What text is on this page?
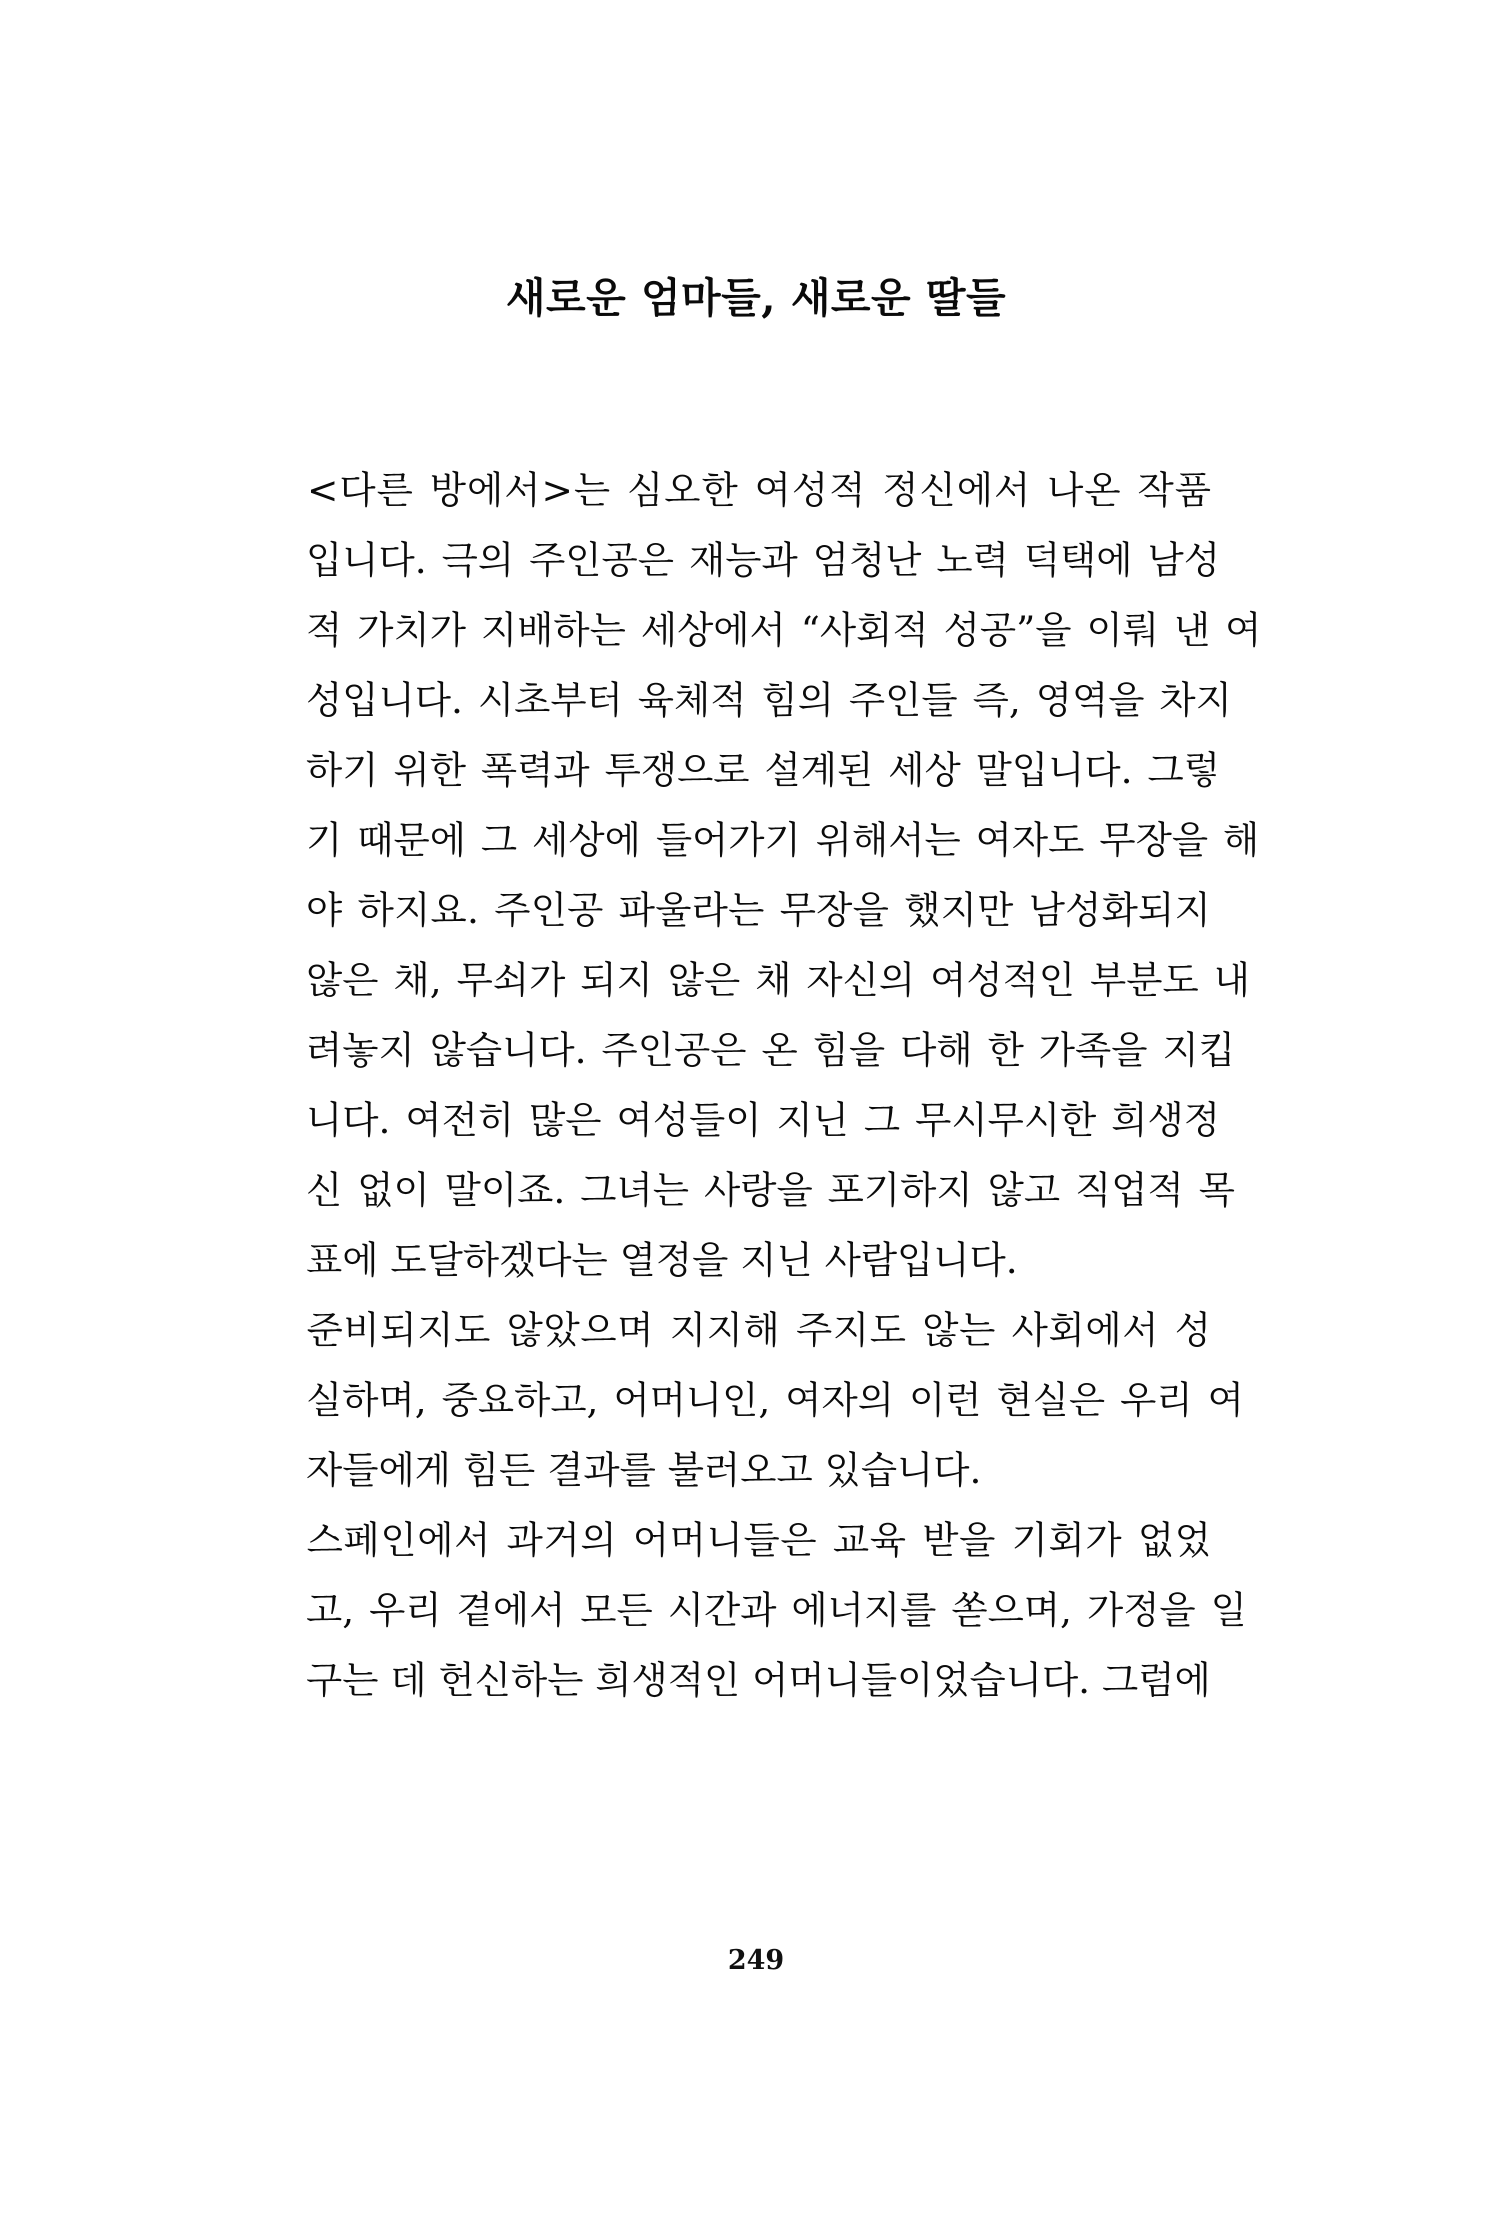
새로운 엄마들, 새로운 딸들
< 다 른
   방 에 서 > 는
   심 오 한
   여 성 적
   정 신 에 서
   나 온
   작 품
입 니 다 .
   극 의
   주 인 공 은
   재 능 과
   엄 청 난
   노 력
   덕 택 에
   남 성
적
   가 치 가
   지 배 하 는
   세 상 에 서
   “ 사 회 적
   성 공 ” 을
   이 뤄
   낸
   여
성 입 니 다 .
   시 초 부 터
   육 체 적
   힘 의
   주 인 들
   즉 ,
   영 역 을
   차 지
하 기
   위 한
   폭 력 과
   투 쟁 으 로
   설 계 된
   세 상
   말 입 니 다 .
   그 렇
기
   때 문 에
   그
   세 상 에
   들 어 가 기
   위 해 서 는
   여 자 도
   무 장 을
   해
야
   하 지 요 .
   주 인 공
   파 울 라 는
   무 장 을
   했 지 만
   남 성 화 되 지
않 은
   채 ,
   무 쇠 가
   되 지
   않 은
   채
   자 신 의
   여 성 적 인
   부 분 도
   내
려 놓 지
   않 습 니 다 .
   주 인 공 은
   온
   힘 을
   다 해
   한
   가 족 을
   지 킵
니 다 .
   여 전 히
   많 은
   여 성 들 이
   지 닌
   그
   무 시 무 시 한
   희 생 정
신
   없 이
   말 이 죠 .
   그 녀 는
   사 랑 을
   포 기 하 지
   않 고
   직 업 적
   목
표에 도달하겠다는 열정을 지닌 사람입니다.
준 비 되 지 도
   않 았 으 며
   지 지 해
   주 지 도
   않 는
   사 회 에 서
   성
실 하 며 ,
   중 요 하 고 ,
   어 머 니 인 ,
   여 자 의
   이 런
   현 실 은
   우 리
   여
자들에게 힘든 결과를 불러오고 있습니다.
스 페 인 에 서
   과 거 의
   어 머 니 들 은
   교 육
   받 을
   기 회 가
   없 었
고 ,
   우 리
   곁 에 서
   모 든
   시 간 과
   에 너 지 를
   쏟 으 며 ,
   가 정 을
   일
구는 데 헌신하는 희생적인 어머니들이었습니다. 그럼에
249
